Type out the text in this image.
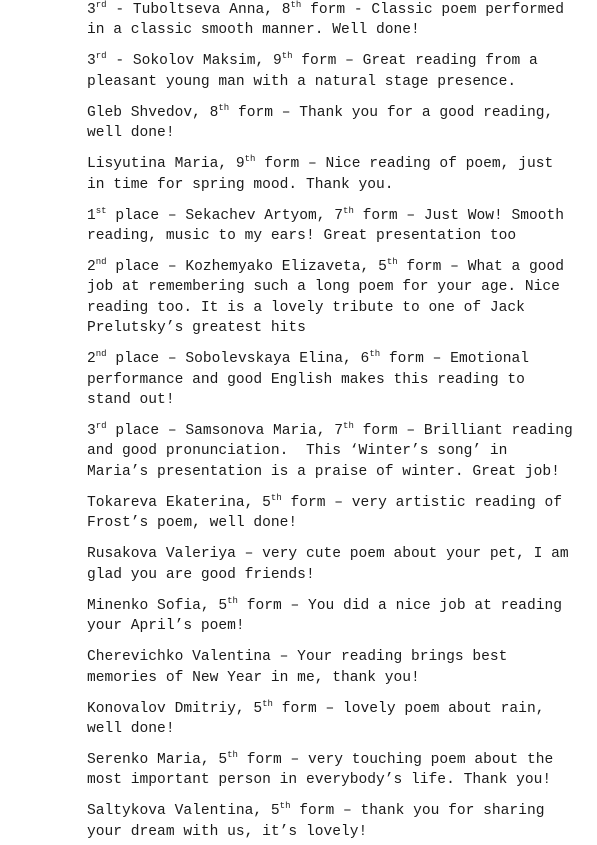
3rd - Tuboltseva Anna, 8th form - Classic poem performed
in a classic smooth manner. Well done!

3rd - Sokolov Maksim, 9th form – Great reading from a
pleasant young man with a natural stage presence.

Gleb Shvedov, 8th form – Thank you for a good reading,
well done!

Lisyutina Maria, 9th form – Nice reading of poem, just
in time for spring mood. Thank you.

1st place – Sekachev Artyom, 7th form – Just Wow! Smooth
reading, music to my ears! Great presentation too

2nd place – Kozhemyako Elizaveta, 5th form – What a good
job at remembering such a long poem for your age. Nice
reading too. It is a lovely tribute to one of Jack
Prelutsky’s greatest hits

2nd place – Sobolevskaya Elina, 6th form – Emotional
performance and good English makes this reading to
stand out!

3rd place – Samsonova Maria, 7th form – Brilliant reading
and good pronunciation.  This ‘Winter’s song’ in
Maria’s presentation is a praise of winter. Great job!

Tokareva Ekaterina, 5th form – very artistic reading of
Frost’s poem, well done!

Rusakova Valeriya – very cute poem about your pet, I am
glad you are good friends!

Minenko Sofia, 5th form – You did a nice job at reading
your April’s poem!

Cherevichko Valentina – Your reading brings best
memories of New Year in me, thank you!

Konovalov Dmitriy, 5th form – lovely poem about rain,
well done!

Serenko Maria, 5th form – very touching poem about the
most important person in everybody’s life. Thank you!

Saltykova Valentina, 5th form – thank you for sharing
your dream with us, it’s lovely!
